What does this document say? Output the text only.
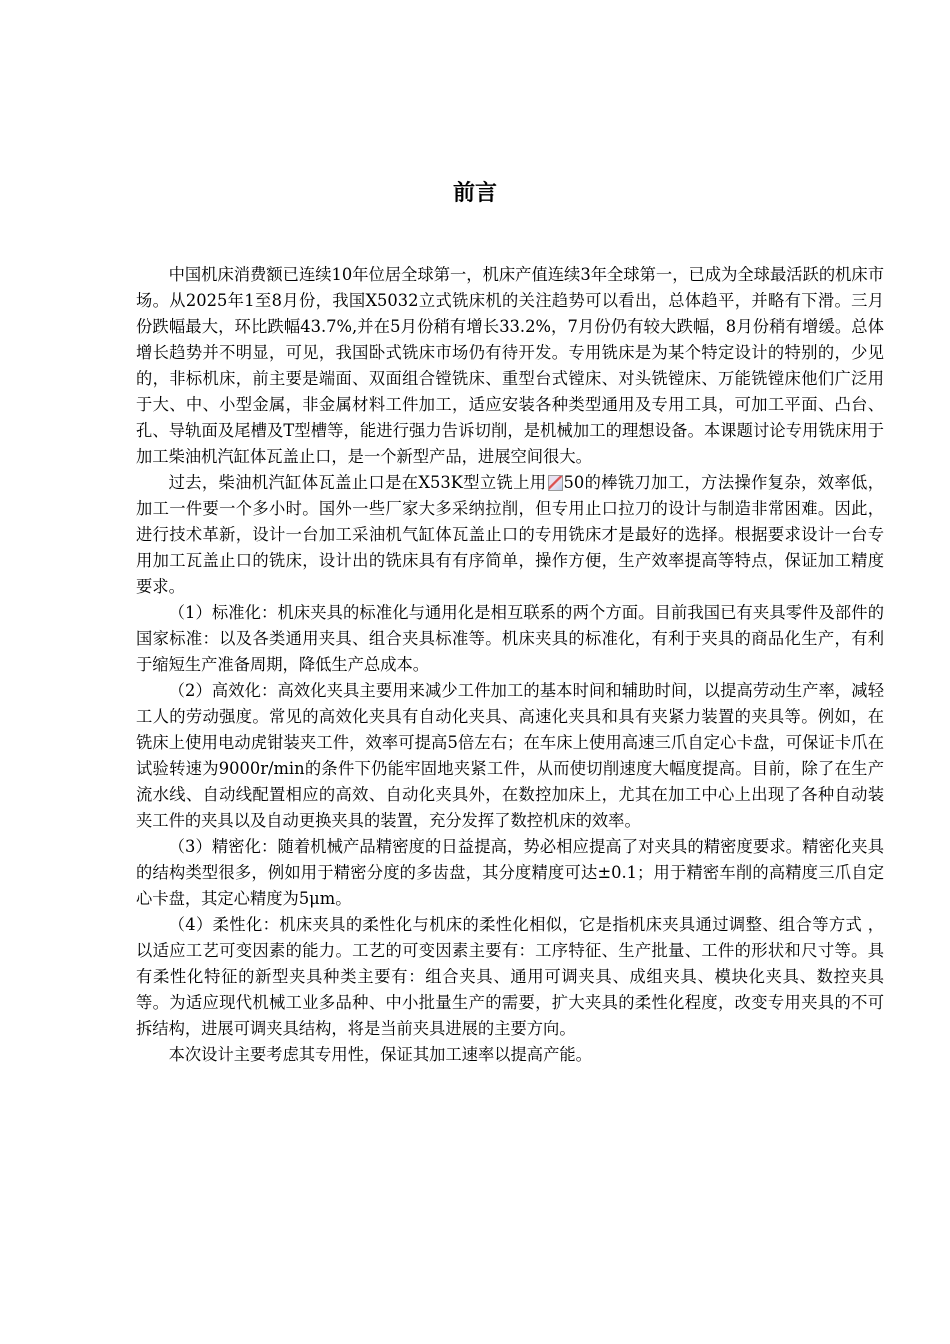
前言

中国机床消费额已连续10年位居全球第一，机床产值连续3年全球第一，已成为全球最活跃的机床市场。从2025年1至8月份，我国X5032立式铣床机的关注趋势可以看出，总体趋平，并略有下滑。三月份跌幅最大，环比跌幅43.7%,并在5月份稍有增长33.2%，7月份仍有较大跌幅，8月份稍有增缓。总体增长趋势并不明显，可见，我国卧式铣床市场仍有待开发。专用铣床是为某个特定设计的特别的，少见的，非标机床，前主要是端面、双面组合镗铣床、重型台式镗床、对头铣镗床、万能铣镗床他们广泛用于大、中、小型金属，非金属材料工件加工，适应安装各种类型通用及专用工具，可加工平面、凸台、孔、导轨面及尾槽及T型槽等，能进行强力告诉切削，是机械加工的理想设备。本课题讨论专用铣床用于加工柴油机汽缸体瓦盖止口，是一个新型产品，进展空间很大。

过去，柴油机汽缸体瓦盖止口是在X53K型立铣上用 50的棒铣刀加工，方法操作复杂，效率低，加工一件要一个多小时。国外一些厂家大多采纳拉削，但专用止口拉刀的设计与制造非常困难。因此，进行技术革新，设计一台加工采油机气缸体瓦盖止口的专用铣床才是最好的选择。根据要求设计一台专用加工瓦盖止口的铣床，设计出的铣床具有有序简单，操作方便，生产效率提高等特点，保证加工精度要求。

（1）标准化：机床夹具的标准化与通用化是相互联系的两个方面。目前我国已有夹具零件及部件的国家标准：以及各类通用夹具、组合夹具标准等。机床夹具的标准化，有利于夹具的商品化生产，有利于缩短生产准备周期，降低生产总成本。

（2）高效化：高效化夹具主要用来减少工件加工的基本时间和辅助时间，以提高劳动生产率，减轻工人的劳动强度。常见的高效化夹具有自动化夹具、高速化夹具和具有夹紧力装置的夹具等。例如，在铣床上使用电动虎钳装夹工件，效率可提高5倍左右；在车床上使用高速三爪自定心卡盘，可保证卡爪在试验转速为9000r/min的条件下仍能牢固地夹紧工件，从而使切削速度大幅度提高。目前，除了在生产流水线、自动线配置相应的高效、自动化夹具外，在数控加床上，尤其在加工中心上出现了各种自动装夹工件的夹具以及自动更换夹具的装置，充分发挥了数控机床的效率。

（3）精密化：随着机械产品精密度的日益提高，势必相应提高了对夹具的精密度要求。精密化夹具的结构类型很多，例如用于精密分度的多齿盘，其分度精度可达±0.1；用于精密车削的高精度三爪自定心卡盘，其定心精度为5μm。

（4）柔性化：机床夹具的柔性化与机床的柔性化相似，它是指机床夹具通过调整、组合等方式 ，以适应工艺可变因素的能力。工艺的可变因素主要有：工序特征、生产批量、工件的形状和尺寸等。具有柔性化特征的新型夹具种类主要有：组合夹具、通用可调夹具、成组夹具、模块化夹具、数控夹具等。为适应现代机械工业多品种、中小批量生产的需要，扩大夹具的柔性化程度，改变专用夹具的不可拆结构，进展可调夹具结构，将是当前夹具进展的主要方向。

本次设计主要考虑其专用性，保证其加工速率以提高产能。
